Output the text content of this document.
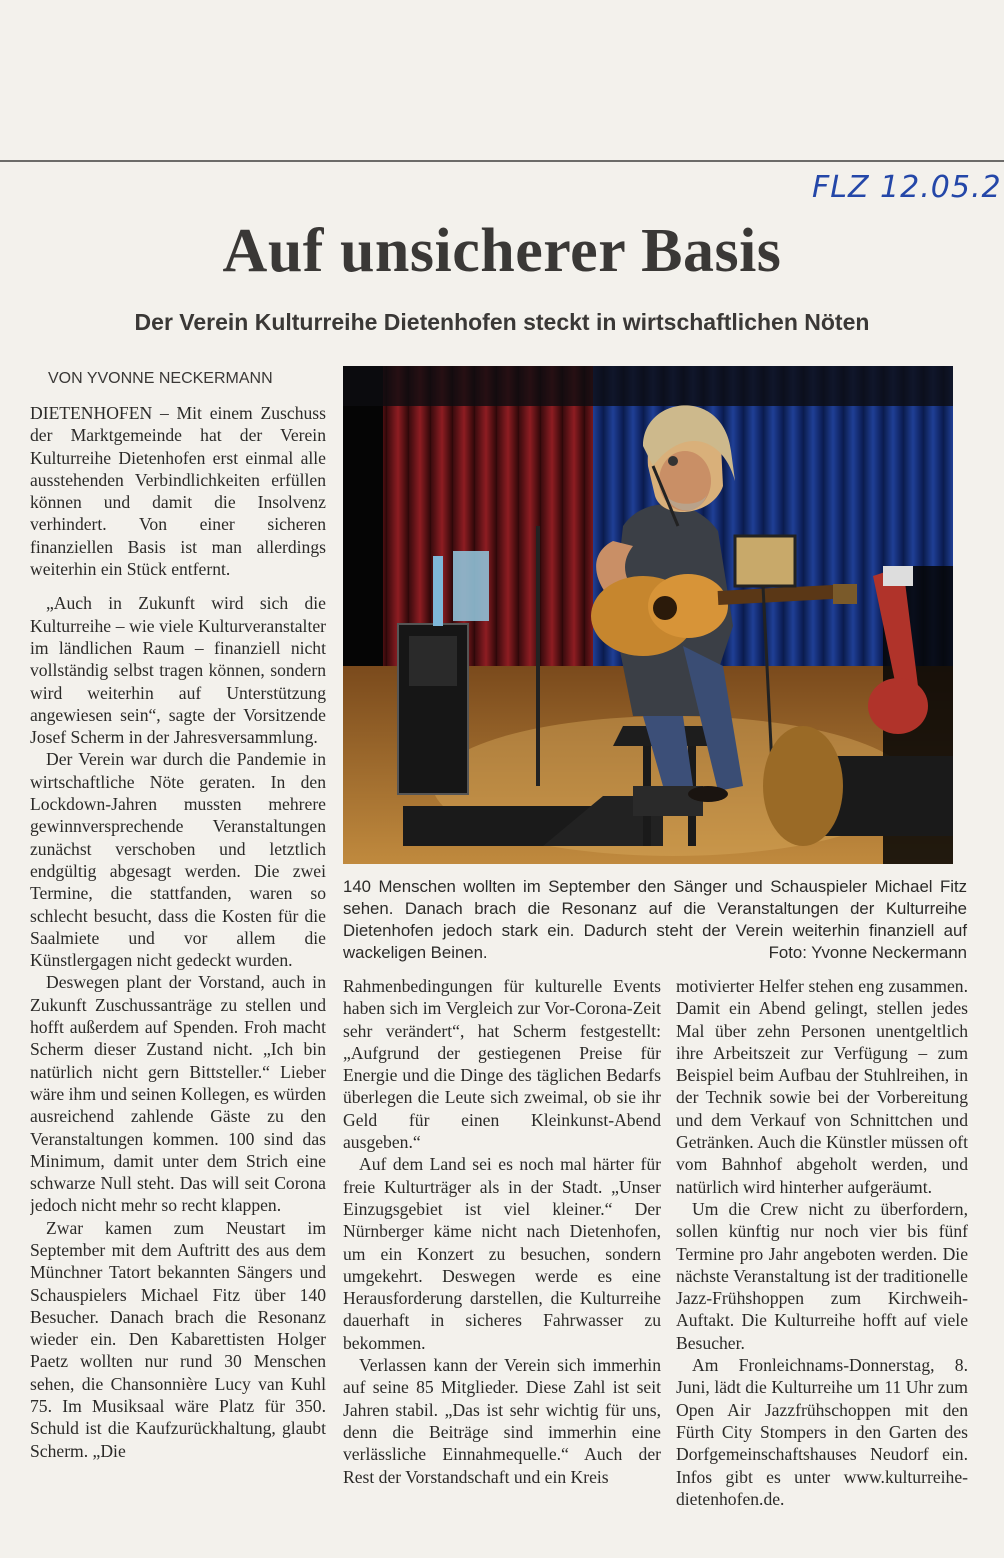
FLZ 12.05.2
Auf unsicherer Basis
Der Verein Kulturreihe Dietenhofen steckt in wirtschaftlichen Nöten
VON YVONNE NECKERMANN

DIETENHOFEN – Mit einem Zuschuss der Marktgemeinde hat der Verein Kulturreihe Dietenhofen erst einmal alle ausstehenden Verbindlichkeiten erfüllen können und damit die Insolvenz verhindert. Von einer sicheren finanziellen Basis ist man allerdings weiterhin ein Stück entfernt.

„Auch in Zukunft wird sich die Kulturreihe – wie viele Kulturveranstalter im ländlichen Raum – finanziell nicht vollständig selbst tragen können, sondern wird weiterhin auf Unterstützung angewiesen sein“, sagte der Vorsitzende Josef Scherm in der Jahresversammlung.

Der Verein war durch die Pandemie in wirtschaftliche Nöte geraten. In den Lockdown-Jahren mussten mehrere gewinnversprechende Veranstaltungen zunächst verschoben und letztlich endgültig abgesagt werden. Die zwei Termine, die stattfanden, waren so schlecht besucht, dass die Kosten für die Saalmiete und vor allem die Künstlergagen nicht gedeckt wurden.

Deswegen plant der Vorstand, auch in Zukunft Zuschussanträge zu stellen und hofft außerdem auf Spenden. Froh macht Scherm dieser Zustand nicht. „Ich bin natürlich nicht gern Bittsteller.“ Lieber wäre ihm und seinen Kollegen, es würden ausreichend zahlende Gäste zu den Veranstaltungen kommen. 100 sind das Minimum, damit unter dem Strich eine schwarze Null steht. Das will seit Corona jedoch nicht mehr so recht klappen.

Zwar kamen zum Neustart im September mit dem Auftritt des aus dem Münchner Tatort bekannten Sängers und Schauspielers Michael Fitz über 140 Besucher. Danach brach die Resonanz wieder ein. Den Kabarettisten Holger Paetz wollten nur rund 30 Menschen sehen, die Chansonnière Lucy van Kuhl 75. Im Musiksaal wäre Platz für 350. Schuld ist die Kaufzurückhaltung, glaubt Scherm. „Die

140 Menschen wollten im September den Sänger und Schauspieler Michael Fitz sehen. Danach brach die Resonanz auf die Veranstaltungen der Kulturreihe Dietenhofen jedoch stark ein. Dadurch steht der Verein weiterhin finanziell auf wackeligen Beinen.	Foto: Yvonne Neckermann

Rahmenbedingungen für kulturelle Events haben sich im Vergleich zur Vor-Corona-Zeit sehr verändert“, hat Scherm festgestellt: „Aufgrund der gestiegenen Preise für Energie und die Dinge des täglichen Bedarfs überlegen die Leute sich zweimal, ob sie ihr Geld für einen Kleinkunst-Abend ausgeben.“

Auf dem Land sei es noch mal härter für freie Kulturträger als in der Stadt. „Unser Einzugsgebiet ist viel kleiner.“ Der Nürnberger käme nicht nach Dietenhofen, um ein Konzert zu besuchen, sondern umgekehrt. Deswegen werde es eine Herausforderung darstellen, die Kulturreihe dauerhaft in sicheres Fahrwasser zu bekommen.

Verlassen kann der Verein sich immerhin auf seine 85 Mitglieder. Diese Zahl ist seit Jahren stabil. „Das ist sehr wichtig für uns, denn die Beiträge sind immerhin eine verlässliche Einnahmequelle.“ Auch der Rest der Vorstandschaft und ein Kreis

motivierter Helfer stehen eng zusammen. Damit ein Abend gelingt, stellen jedes Mal über zehn Personen unentgeltlich ihre Arbeitszeit zur Verfügung – zum Beispiel beim Aufbau der Stuhlreihen, in der Technik sowie bei der Vorbereitung und dem Verkauf von Schnittchen und Getränken. Auch die Künstler müssen oft vom Bahnhof abgeholt werden, und natürlich wird hinterher aufgeräumt.

Um die Crew nicht zu überfordern, sollen künftig nur noch vier bis fünf Termine pro Jahr angeboten werden. Die nächste Veranstaltung ist der traditionelle Jazz-Frühshoppen zum Kirchweih-Auftakt. Die Kulturreihe hofft auf viele Besucher.

Am Fronleichnams-Donnerstag, 8. Juni, lädt die Kulturreihe um 11 Uhr zum Open Air Jazzfrühschoppen mit den Fürth City Stompers in den Garten des Dorfgemeinschaftshauses Neudorf ein. Infos gibt es unter www.kulturreihe-dietenhofen.de.
